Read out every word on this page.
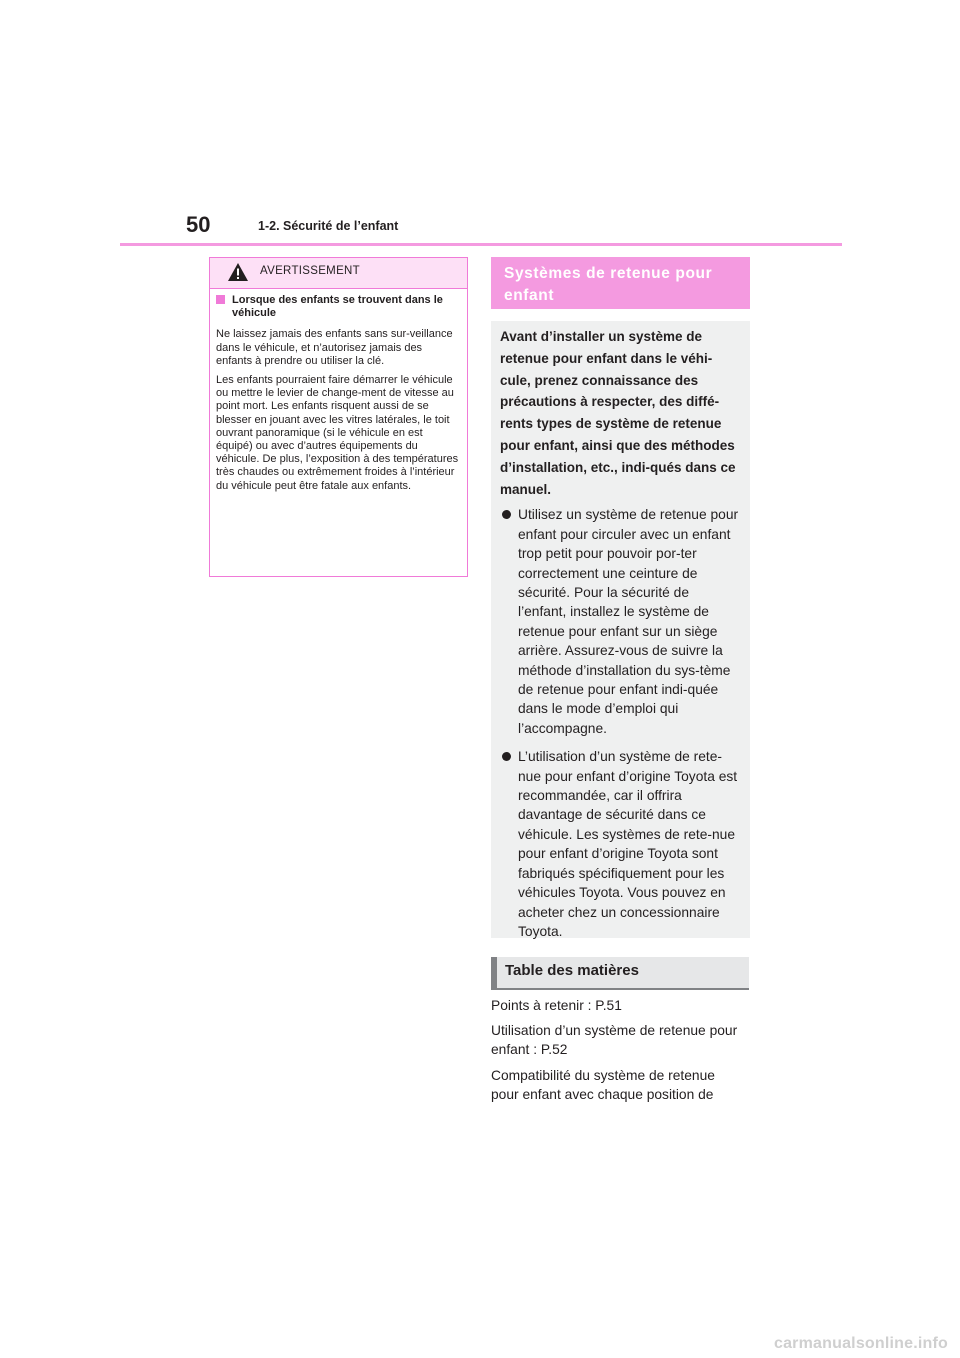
50	1-2. Sécurité de l’enfant
AVERTISSEMENT
Lorsque des enfants se trouvent dans le véhicule

Ne laissez jamais des enfants sans sur-veillance dans le véhicule, et n’autorisez jamais des enfants à prendre ou utiliser la clé.

Les enfants pourraient faire démarrer le véhicule ou mettre le levier de change-ment de vitesse au point mort. Les enfants risquent aussi de se blesser en jouant avec les vitres latérales, le toit ouvrant panoramique (si le véhicule en est équipé) ou avec d’autres équipements du véhicule. De plus, l’exposition à des températures très chaudes ou extrêmement froides à l’intérieur du véhicule peut être fatale aux enfants.

Systèmes de retenue pour enfant

Avant d’installer un système de retenue pour enfant dans le véhi-cule, prenez connaissance des précautions à respecter, des diffé-rents types de système de retenue pour enfant, ainsi que des méthodes d’installation, etc., indi-qués dans ce manuel.

Utilisez un système de retenue pour enfant pour circuler avec un enfant trop petit pour pouvoir por-ter correctement une ceinture de sécurité. Pour la sécurité de l’enfant, installez le système de retenue pour enfant sur un siège arrière. Assurez-vous de suivre la méthode d’installation du sys-tème de retenue pour enfant indi-quée dans le mode d’emploi qui l’accompagne.
L’utilisation d’un système de rete-nue pour enfant d’origine Toyota est recommandée, car il offrira davantage de sécurité dans ce véhicule. Les systèmes de rete-nue pour enfant d’origine Toyota sont fabriqués spécifiquement pour les véhicules Toyota. Vous pouvez en acheter chez un concessionnaire Toyota.
Table des matières
Points à retenir : P.51
Utilisation d’un système de retenue pour enfant : P.52
Compatibilité du système de retenue pour enfant avec chaque position de
carmanualsonline.info
